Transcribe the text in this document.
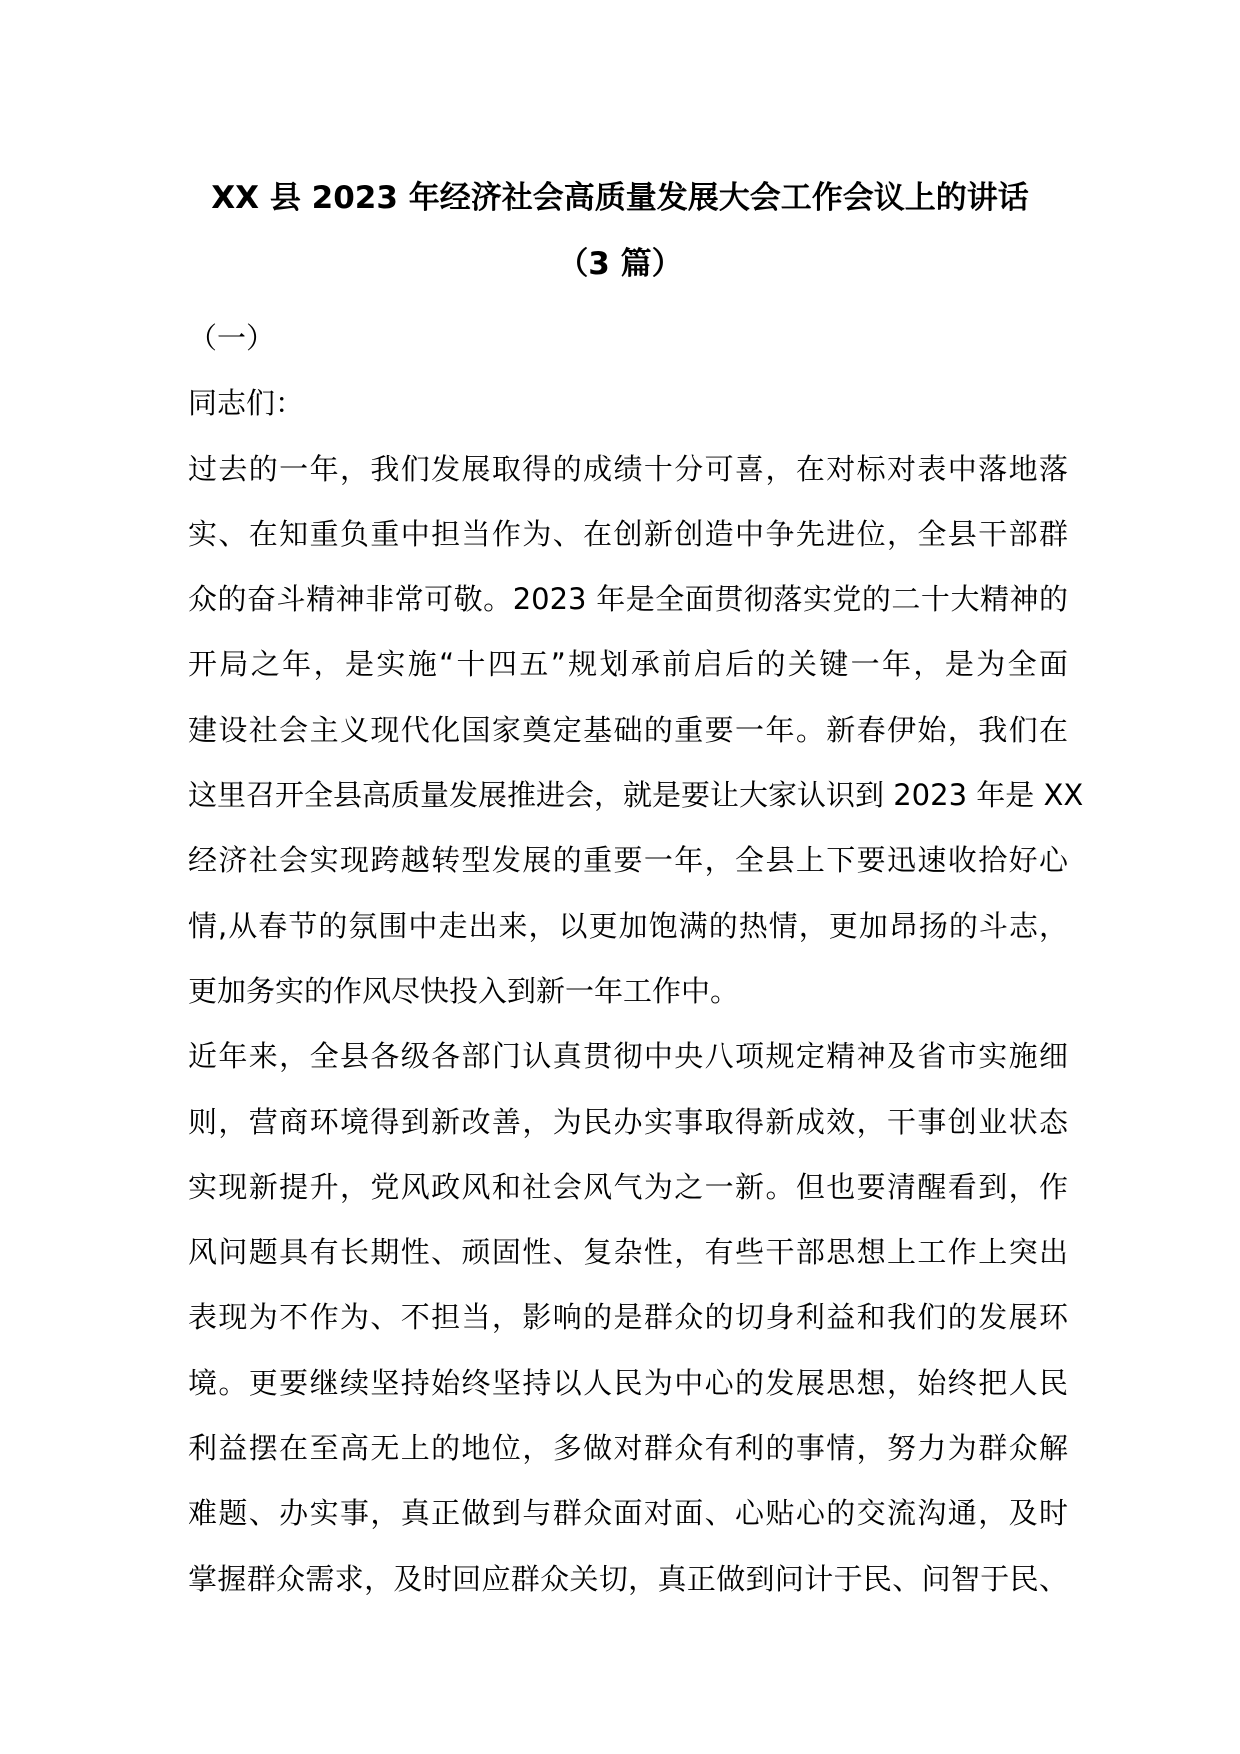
XX 县 2023 年经济社会高质量发展大会工作会议上的讲话
（3 篇）
（一）
同志们：
过去的一年，我们发展取得的成绩十分可喜，在对标对表中落地落
实、在知重负重中担当作为、在创新创造中争先进位，全县干部群
众的奋斗精神非常可敬。2023 年是全面贯彻落实党的二十大精神的
开局之年，是实施“十四五”规划承前启后的关键一年，是为全面
建设社会主义现代化国家奠定基础的重要一年。新春伊始，我们在
这里召开全县高质量发展推进会，就是要让大家认识到 2023 年是 XX
经济社会实现跨越转型发展的重要一年，全县上下要迅速收拾好心
情,从春节的氛围中走出来，以更加饱满的热情，更加昂扬的斗志，
更加务实的作风尽快投入到新一年工作中。
近年来，全县各级各部门认真贯彻中央八项规定精神及省市实施细
则，营商环境得到新改善，为民办实事取得新成效，干事创业状态
实现新提升，党风政风和社会风气为之一新。但也要清醒看到，作
风问题具有长期性、顽固性、复杂性，有些干部思想上工作上突出
表现为不作为、不担当，影响的是群众的切身利益和我们的发展环
境。更要继续坚持始终坚持以人民为中心的发展思想，始终把人民
利益摆在至高无上的地位，多做对群众有利的事情，努力为群众解
难题、办实事，真正做到与群众面对面、心贴心的交流沟通，及时
掌握群众需求，及时回应群众关切，真正做到问计于民、问智于民、
